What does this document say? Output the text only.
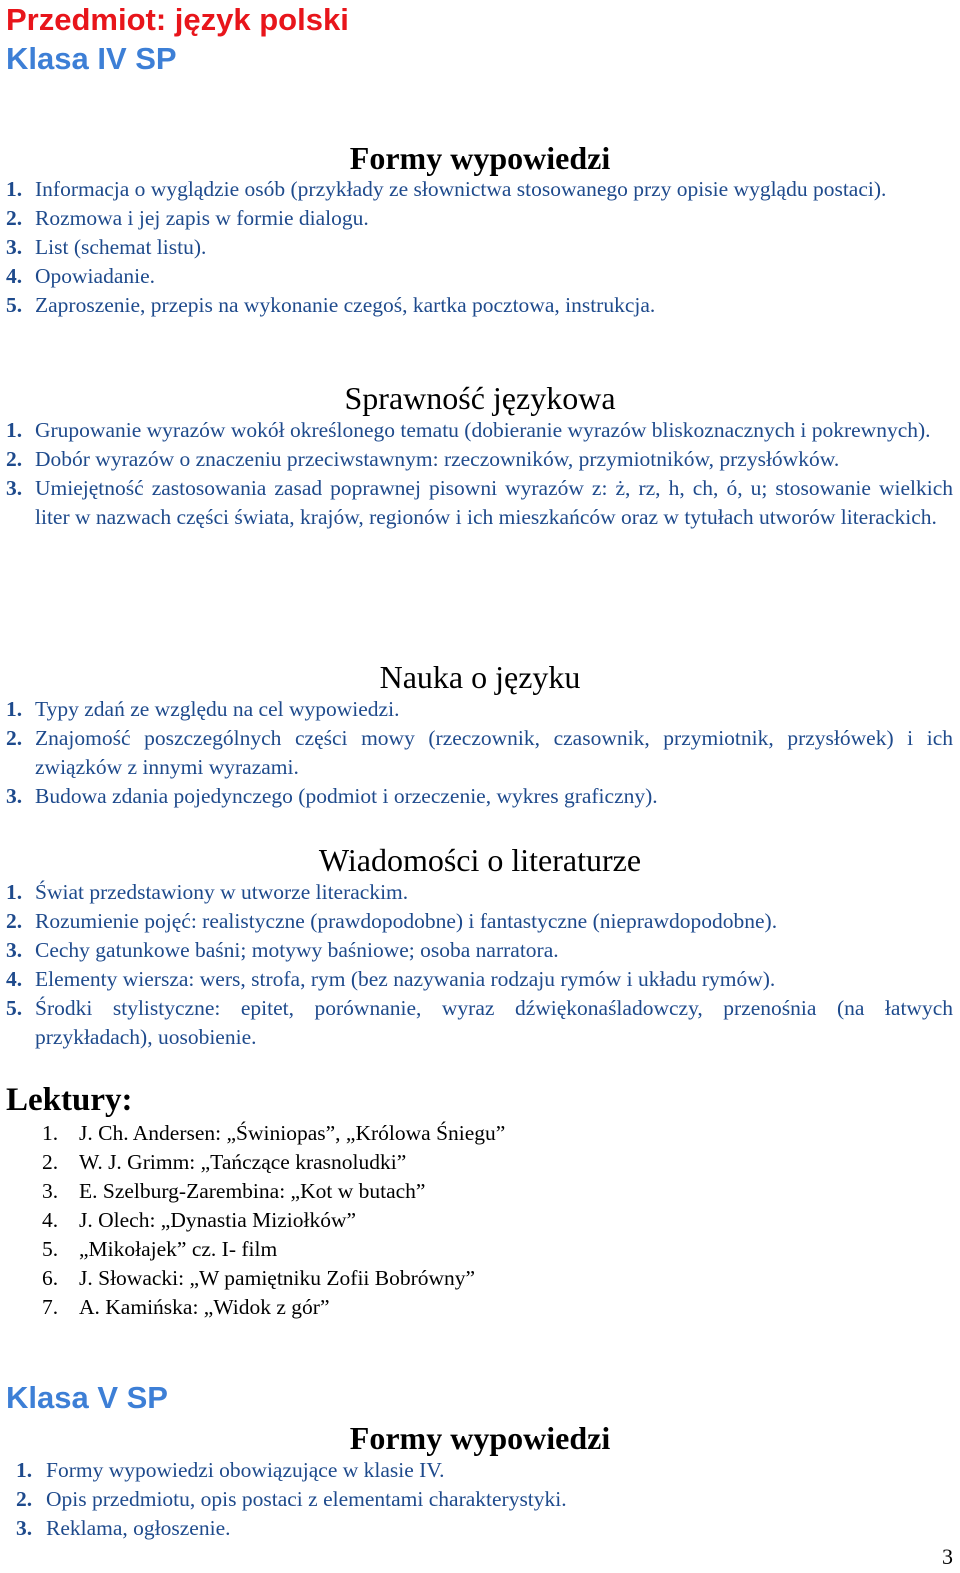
Przedmiot: język polski
Klasa IV SP
Formy wypowiedzi
1. Informacja o wyglądzie osób (przykłady ze słownictwa stosowanego przy opisie wyglądu postaci).
2. Rozmowa i jej zapis w formie dialogu.
3. List (schemat listu).
4. Opowiadanie.
5. Zaproszenie, przepis na wykonanie czegoś, kartka pocztowa, instrukcja.
Sprawność językowa
1. Grupowanie wyrazów wokół określonego tematu (dobieranie wyrazów bliskoznacznych i pokrewnych).
2. Dobór wyrazów o znaczeniu przeciwstawnym: rzeczowników, przymiotników, przysłówków.
3. Umiejętność zastosowania zasad poprawnej pisowni wyrazów z: ż, rz, h, ch, ó, u; stosowanie wielkich liter w nazwach części świata, krajów, regionów i ich mieszkańców oraz w tytułach utworów literackich.
Nauka o języku
1. Typy zdań ze względu na cel wypowiedzi.
2. Znajomość poszczególnych części mowy (rzeczownik, czasownik, przymiotnik, przysłówek) i ich związków z innymi wyrazami.
3. Budowa zdania pojedynczego (podmiot i orzeczenie, wykres graficzny).
Wiadomości o literaturze
1. Świat przedstawiony w utworze literackim.
2. Rozumienie pojęć: realistyczne (prawdopodobne) i fantastyczne (nieprawdopodobne).
3. Cechy gatunkowe baśni; motywy baśniowe; osoba narratora.
4. Elementy wiersza: wers, strofa, rym (bez nazywania rodzaju rymów i układu rymów).
5. Środki stylistyczne: epitet, porównanie, wyraz dźwiękonaśladowczy, przenośnia (na łatwych przykładach), uosobienie.
Lektury:
1. J. Ch. Andersen: „Świniopas”, „Królowa Śniegu”
2. W. J. Grimm: „Tańczące krasnoludki”
3. E. Szelburg-Zarembina: „Kot w butach”
4. J. Olech: „Dynastia Miziołków”
5. „Mikołajek” cz. I- film
6. J. Słowacki: „W pamiętniku Zofii Bobrówny”
7. A. Kamińska: „Widok z gór”
Klasa V SP
Formy wypowiedzi
1. Formy wypowiedzi obowiązujące w klasie IV.
2. Opis przedmiotu, opis postaci z elementami charakterystyki.
3. Reklama, ogłoszenie.
3
